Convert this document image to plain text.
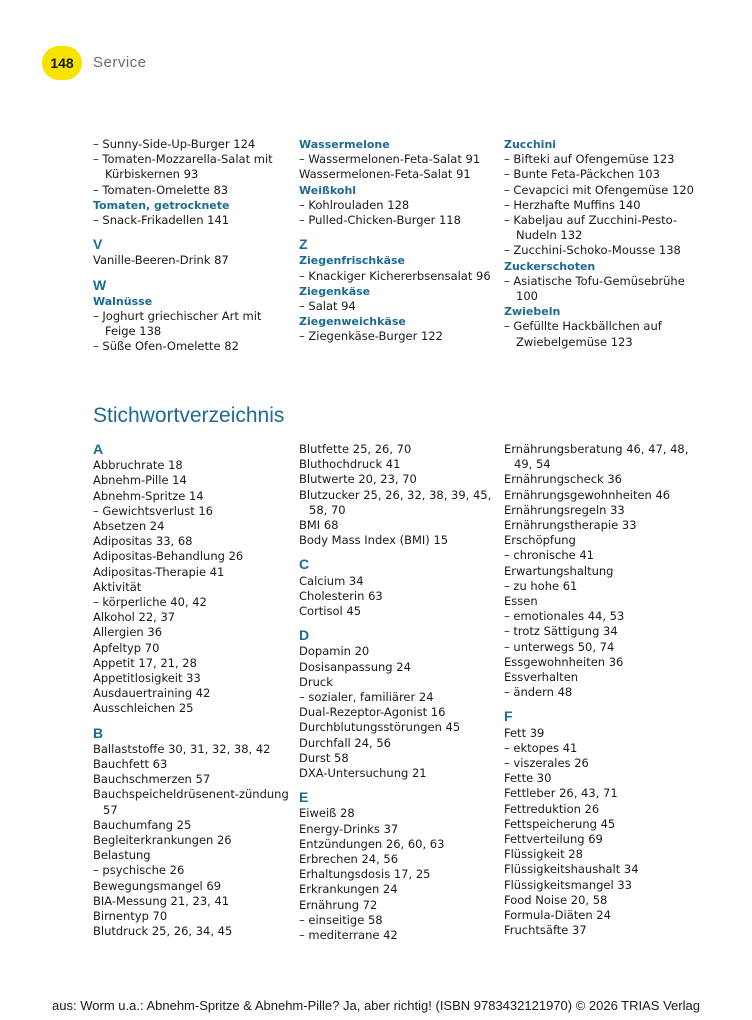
148 Service

– Sunny-Side-Up-Burger 124

– Tomaten-Mozzarella-Salat mit Kürbiskernen 93

– Tomaten-Omelette 83

Tomaten, getrocknete

– Snack-Frikadellen 141

V

Vanille-Beeren-Drink 87

W

Walnüsse

– Joghurt griechischer Art mit Feige 138

– Süße Ofen-Omelette 82

Wassermelone

– Wassermelonen-Feta-Salat 91

Wassermelonen-Feta-Salat 91

Weißkohl

– Kohlrouladen 128

– Pulled-Chicken-Burger 118

Z

Ziegenfrischkäse

– Knackiger Kichererbsensalat 96

Ziegenkäse

– Salat 94

Ziegenweichkäse

– Ziegenkäse-Burger 122

Zucchini

– Bifteki auf Ofengemüse 123

– Bunte Feta-Päckchen 103

– Cevapcici mit Ofengemüse 120

– Herzhafte Muffins 140

– Kabeljau auf Zucchini-Pesto-Nudeln 132

– Zucchini-Schoko-Mousse 138

Zuckerschoten

– Asiatische Tofu-Gemüsebrühe 100

Zwiebeln

– Gefüllte Hackbällchen auf Zwiebelgemüse 123

Stichwortverzeichnis

A

Abbruchrate 18

Abnehm-Pille 14

Abnehm-Spritze 14

– Gewichtsverlust 16

Absetzen 24

Adipositas 33, 68

Adipositas-Behandlung 26

Adipositas-Therapie 41

Aktivität

– körperliche 40, 42

Alkohol 22, 37

Allergien 36

Apfeltyp 70

Appetit 17, 21, 28

Appetitlosigkeit 33

Ausdauertraining 42

Ausschleichen 25

B

Ballaststoffe 30, 31, 32, 38, 42

Bauchfett 63

Bauchschmerzen 57

Bauchspeicheldrüsenent-zündung 57

Bauchumfang 25

Begleiterkrankungen 26

Belastung

– psychische 26

Bewegungsmangel 69

BIA-Messung 21, 23, 41

Birnentyp 70

Blutdruck 25, 26, 34, 45

Blutfette 25, 26, 70

Bluthochdruck 41

Blutwerte 20, 23, 70

Blutzucker 25, 26, 32, 38, 39, 45, 58, 70

BMI 68

Body Mass Index (BMI) 15

C

Calcium 34

Cholesterin 63

Cortisol 45

D

Dopamin 20

Dosisanpassung 24

Druck

– sozialer, familiärer 24

Dual-Rezeptor-Agonist 16

Durchblutungsstörungen 45

Durchfall 24, 56

Durst 58

DXA-Untersuchung 21

E

Eiweiß 28

Energy-Drinks 37

Entzündungen 26, 60, 63

Erbrechen 24, 56

Erhaltungsdosis 17, 25

Erkrankungen 24

Ernährung 72

– einseitige 58

– mediterrane 42

Ernährungsberatung 46, 47, 48, 49, 54

Ernährungscheck 36

Ernährungsgewohnheiten 46

Ernährungsregeln 33

Ernährungstherapie 33

Erschöpfung

– chronische 41

Erwartungshaltung

– zu hohe 61

Essen

– emotionales 44, 53

– trotz Sättigung 34

– unterwegs 50, 74

Essgewohnheiten 36

Essverhalten

– ändern 48

F

Fett 39

– ektopes 41

– viszerales 26

Fette 30

Fettleber 26, 43, 71

Fettreduktion 26

Fettspeicherung 45

Fettverteilung 69

Flüssigkeit 28

Flüssigkeitshaushalt 34

Flüssigkeitsmangel 33

Food Noise 20, 58

Formula-Diäten 24

Fruchtsäfte 37

aus: Worm u.a.: Abnehm-Spritze & Abnehm-Pille? Ja, aber richtig! (ISBN 9783432121970) © 2026 TRIAS Verlag
